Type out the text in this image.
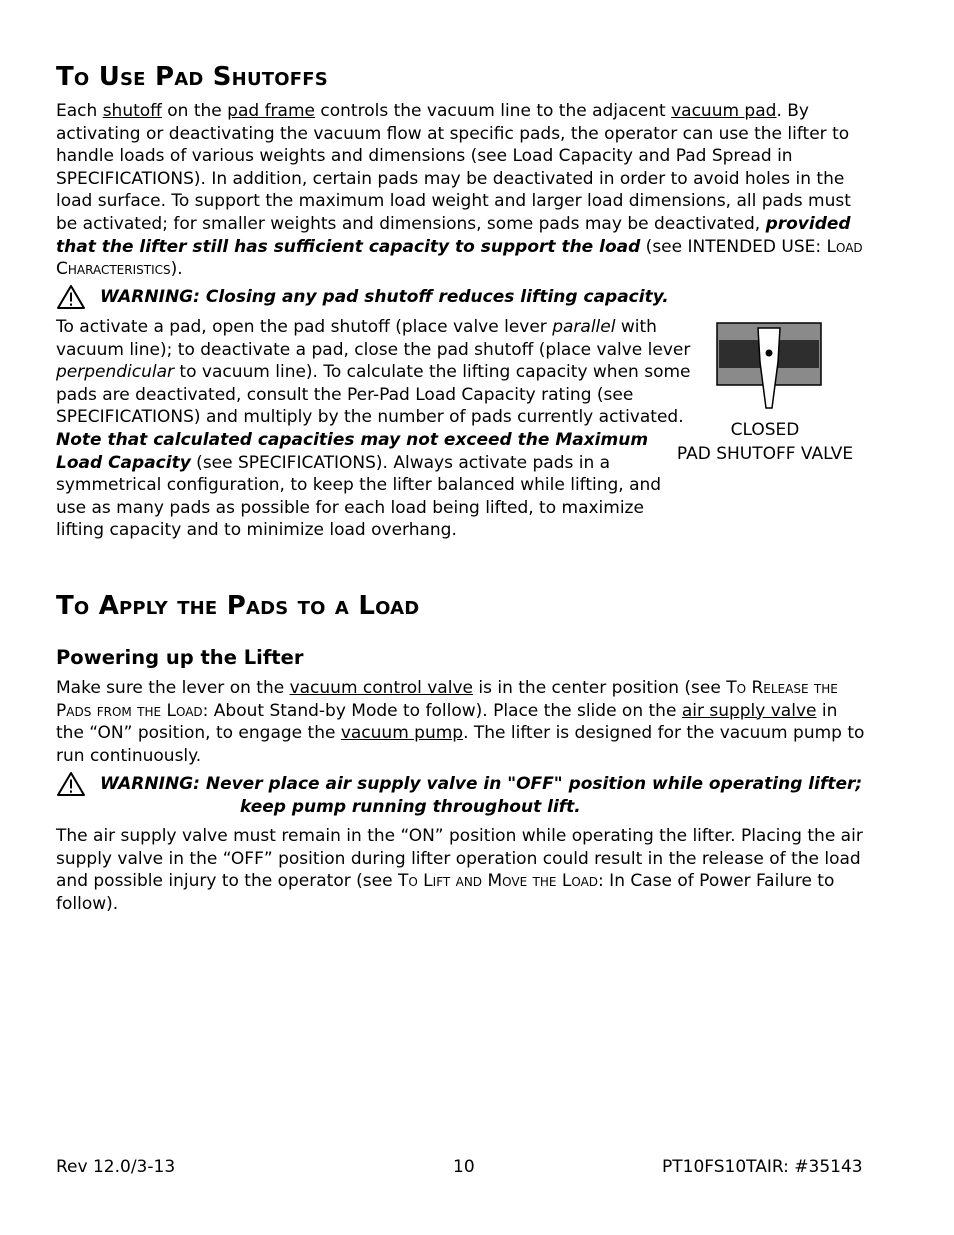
To Use Pad Shutoffs

Each shutoff on the pad frame controls the vacuum line to the adjacent vacuum pad. By activating or deactivating the vacuum flow at specific pads, the operator can use the lifter to handle loads of various weights and dimensions (see Load Capacity and Pad Spread in SPECIFICATIONS). In addition, certain pads may be deactivated in order to avoid holes in the load surface. To support the maximum load weight and larger load dimensions, all pads must be activated; for smaller weights and dimensions, some pads may be deactivated, provided that the lifter still has sufficient capacity to support the load (see INTENDED USE: Load Characteristics).

WARNING: Closing any pad shutoff reduces lifting capacity.

To activate a pad, open the pad shutoff (place valve lever parallel with vacuum line); to deactivate a pad, close the pad shutoff (place valve lever perpendicular to vacuum line). To calculate the lifting capacity when some pads are deactivated, consult the Per-Pad Load Capacity rating (see SPECIFICATIONS) and multiply by the number of pads currently activated. Note that calculated capacities may not exceed the Maximum Load Capacity (see SPECIFICATIONS). Always activate pads in a symmetrical configuration, to keep the lifter balanced while lifting, and use as many pads as possible for each load being lifted, to maximize lifting capacity and to minimize load overhang.

CLOSED
PAD SHUTOFF VALVE
To Apply the Pads to a Load
Powering up the Lifter

Make sure the lever on the vacuum control valve is in the center position (see To Release the Pads from the Load: About Stand-by Mode to follow). Place the slide on the air supply valve in the “ON” position, to engage the vacuum pump. The lifter is designed for the vacuum pump to run continuously.

WARNING: Never place air supply valve in "OFF" position while operating lifter;
keep pump running throughout lift.

The air supply valve must remain in the “ON” position while operating the lifter. Placing the air supply valve in the “OFF” position during lifter operation could result in the release of the load and possible injury to the operator (see To Lift and Move the Load: In Case of Power Failure to follow).

Rev 12.0/3-13	10	PT10FS10TAIR: #35143
